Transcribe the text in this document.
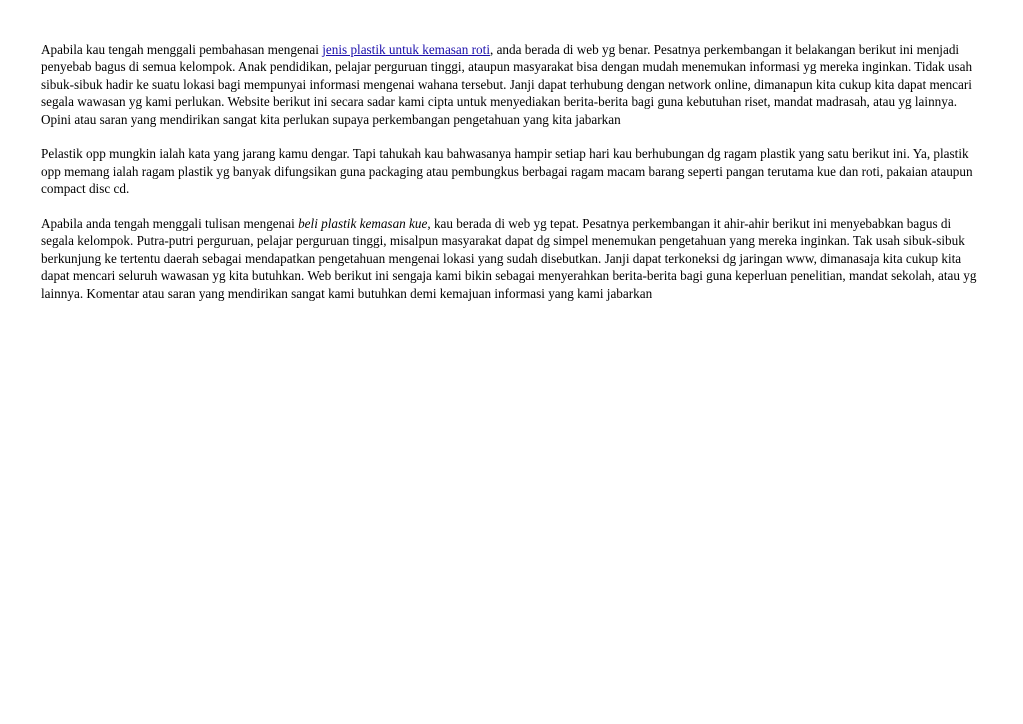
Apabila kau tengah menggali pembahasan mengenai jenis plastik untuk kemasan roti, anda berada di web yg benar. Pesatnya perkembangan it belakangan berikut ini menjadi penyebab bagus di semua kelompok. Anak pendidikan, pelajar perguruan tinggi, ataupun masyarakat bisa dengan mudah menemukan informasi yg mereka inginkan. Tidak usah sibuk-sibuk hadir ke suatu lokasi bagi mempunyai informasi mengenai wahana tersebut. Janji dapat terhubung dengan network online, dimanapun kita cukup kita dapat mencari segala wawasan yg kami perlukan. Website berikut ini secara sadar kami cipta untuk menyediakan berita-berita bagi guna kebutuhan riset, mandat madrasah, atau yg lainnya. Opini atau saran yang mendirikan sangat kita perlukan supaya perkembangan pengetahuan yang kita jabarkan

Pelastik opp mungkin ialah kata yang jarang kamu dengar. Tapi tahukah kau bahwasanya hampir setiap hari kau berhubungan dg ragam plastik yang satu berikut ini. Ya, plastik opp memang ialah ragam plastik yg banyak difungsikan guna packaging atau pembungkus berbagai ragam macam barang seperti pangan terutama kue dan roti, pakaian ataupun compact disc cd.

Apabila anda tengah menggali tulisan mengenai beli plastik kemasan kue, kau berada di web yg tepat. Pesatnya perkembangan it ahir-ahir berikut ini menyebabkan bagus di segala kelompok. Putra-putri perguruan, pelajar perguruan tinggi, misalpun masyarakat dapat dg simpel menemukan pengetahuan yang mereka inginkan. Tak usah sibuk-sibuk berkunjung ke tertentu daerah sebagai mendapatkan pengetahuan mengenai lokasi yang sudah disebutkan. Janji dapat terkoneksi dg jaringan www, dimanasaja kita cukup kita dapat mencari seluruh wawasan yg kita butuhkan. Web berikut ini sengaja kami bikin sebagai menyerahkan berita-berita bagi guna keperluan penelitian, mandat sekolah, atau yg lainnya. Komentar atau saran yang mendirikan sangat kami butuhkan demi kemajuan informasi yang kami jabarkan
